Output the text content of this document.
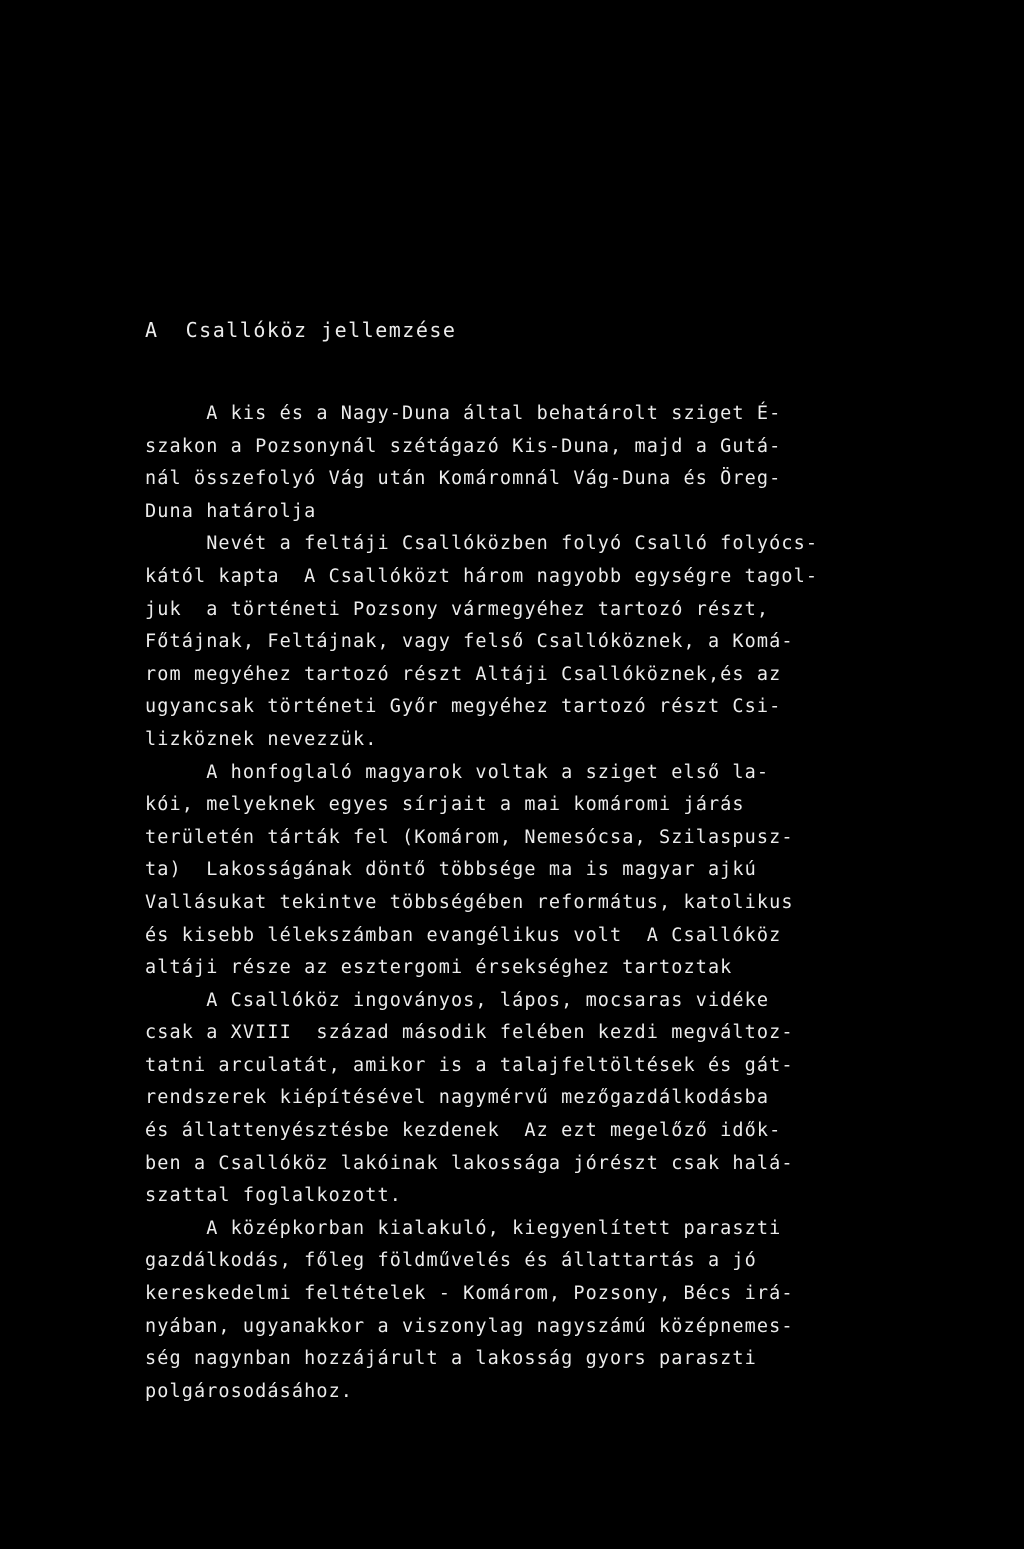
A  Csallóköz jellemzése
A kis és a Nagy-Duna által behatárolt sziget É-
szakon a Pozsonynál szétágazó Kis-Duna, majd a Gutá-
nál összefolyó Vág után Komáromnál Vág-Duna és Öreg-
Duna határolja
Nevét a feltáji Csallóközben folyó Csalló folyócs-
kától kapta  A Csallóközt három nagyobb egységre tagol-
juk  a történeti Pozsony vármegyéhez tartozó részt,
Főtájnak, Feltájnak, vagy felső Csallóköznek, a Komá-
rom megyéhez tartozó részt Altáji Csallóköznek,és az
ugyancsak történeti Győr megyéhez tartozó részt Csi-
lizköznek nevezzük.
A honfoglaló magyarok voltak a sziget első la-
kói, melyeknek egyes sírjait a mai komáromi járás
területén tárták fel (Komárom, Nemesócsa, Szilaspusz-
ta)  Lakosságának döntő többsége ma is magyar ajkú
Vallásukat tekintve többségében református, katolikus
és kisebb lélekszámban evangélikus volt  A Csallóköz
altáji része az esztergomi érsekséghez tartoztak
A Csallóköz ingoványos, lápos, mocsaras vidéke
csak a XVIII  század második felében kezdi megváltoz-
tatni arculatát, amikor is a talajfeltöltések és gát-
rendszerek kiépítésével nagymérvű mezőgazdálkodásba
és állattenyésztésbe kezdenek  Az ezt megelőző idők-
ben a Csallóköz lakóinak lakossága jórészt csak halá-
szattal foglalkozott.
A középkorban kialakuló, kiegyenlített paraszti
gazdálkodás, főleg földművelés és állattartás a jó
kereskedelmi feltételek - Komárom, Pozsony, Bécs irá-
nyában, ugyanakkor a viszonylag nagyszámú középnemes-
ség nagynban hozzájárult a lakosság gyors paraszti
polgárosodásához.
